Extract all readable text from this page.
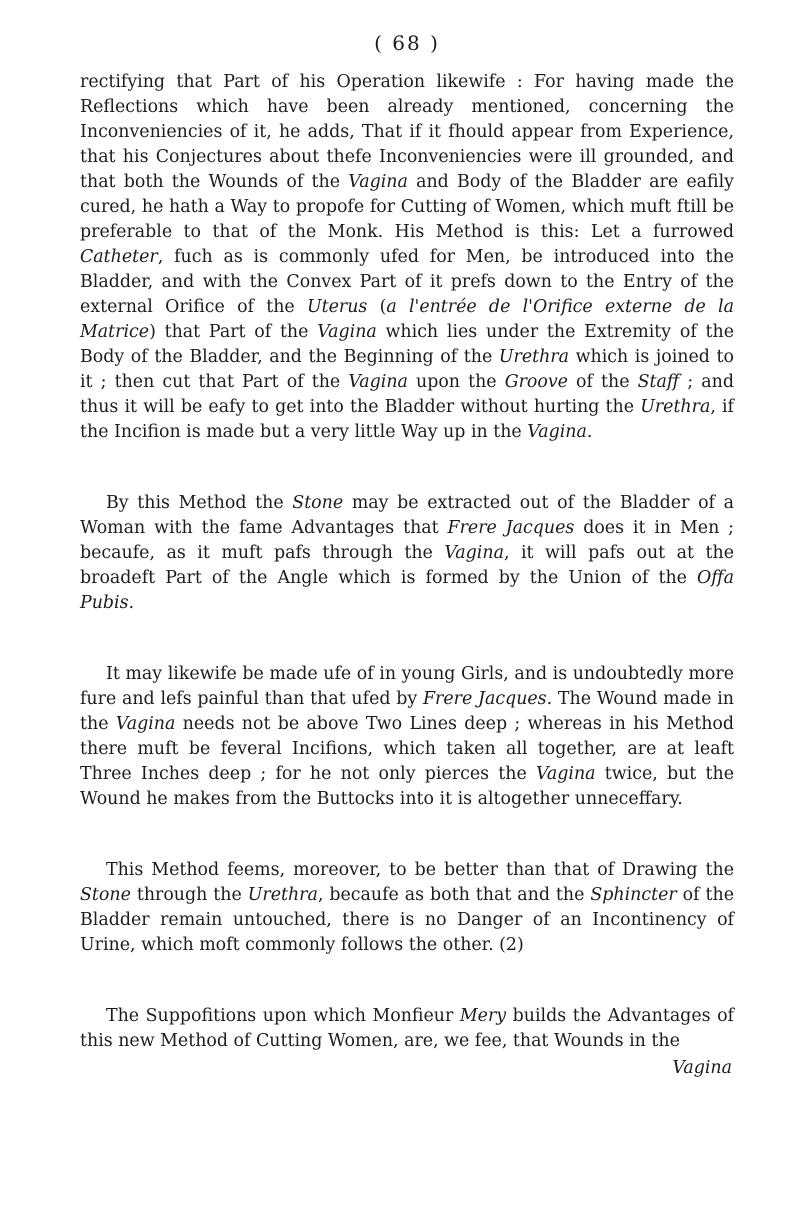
( 68 )

rectifying that Part of his Operation likewife : For having made the Reflections which have been already mentioned, concerning the Inconveniencies of it, he adds, That if it fhould appear from Experience, that his Conjectures about thefe Inconveniencies were ill grounded, and that both the Wounds of the Vagina and Body of the Bladder are eafily cured, he hath a Way to propofe for Cutting of Women, which muft ftill be preferable to that of the Monk. His Method is this: Let a furrowed Catheter, fuch as is commonly ufed for Men, be introduced into the Bladder, and with the Convex Part of it prefs down to the Entry of the external Orifice of the Uterus (a l'entrée de l'Orifice externe de la Matrice) that Part of the Vagina which lies under the Extremity of the Body of the Bladder, and the Beginning of the Urethra which is joined to it ; then cut that Part of the Vagina upon the Groove of the Staff ; and thus it will be eafy to get into the Bladder without hurting the Urethra, if the Incifion is made but a very little Way up in the Vagina.

By this Method the Stone may be extracted out of the Bladder of a Woman with the fame Advantages that Frere Jacques does it in Men ; becaufe, as it muft pafs through the Vagina, it will pafs out at the broadeft Part of the Angle which is formed by the Union of the Offa Pubis.

It may likewife be made ufe of in young Girls, and is undoubtedly more fure and lefs painful than that ufed by Frere Jacques. The Wound made in the Vagina needs not be above Two Lines deep ; whereas in his Method there muft be feveral Incifions, which taken all together, are at leaft Three Inches deep ; for he not only pierces the Vagina twice, but the Wound he makes from the Buttocks into it is altogether unneceffary.

This Method feems, moreover, to be better than that of Drawing the Stone through the Urethra, becaufe as both that and the Sphincter of the Bladder remain untouched, there is no Danger of an Incontinency of Urine, which moft commonly follows the other. (2)

The Suppofitions upon which Monfieur Mery builds the Advantages of this new Method of Cutting Women, are, we fee, that Wounds in the

Vagina
